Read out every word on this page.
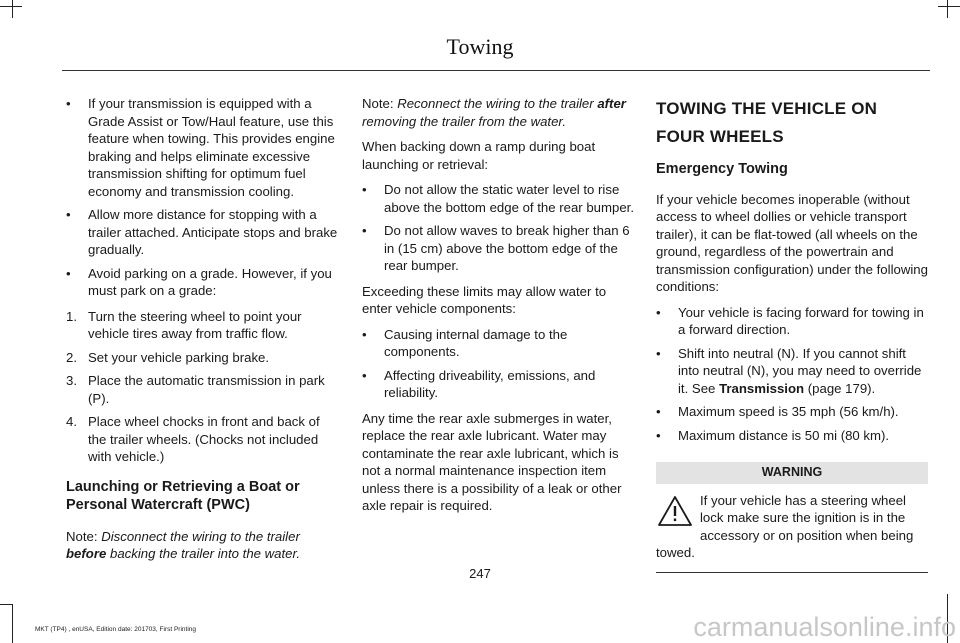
Towing
• If your transmission is equipped with a Grade Assist or Tow/Haul feature, use this feature when towing. This provides engine braking and helps eliminate excessive transmission shifting for optimum fuel economy and transmission cooling.
• Allow more distance for stopping with a trailer attached. Anticipate stops and brake gradually.
• Avoid parking on a grade. However, if you must park on a grade:
1. Turn the steering wheel to point your vehicle tires away from traffic flow.
2. Set your vehicle parking brake.
3. Place the automatic transmission in park (P).
4. Place wheel chocks in front and back of the trailer wheels. (Chocks not included with vehicle.)
Launching or Retrieving a Boat or Personal Watercraft (PWC)

Note: Disconnect the wiring to the trailer before backing the trailer into the water.

Note: Reconnect the wiring to the trailer after removing the trailer from the water.

When backing down a ramp during boat launching or retrieval:

• Do not allow the static water level to rise above the bottom edge of the rear bumper.
• Do not allow waves to break higher than 6 in (15 cm) above the bottom edge of the rear bumper.

Exceeding these limits may allow water to enter vehicle components:

• Causing internal damage to the components.
• Affecting driveability, emissions, and reliability.

Any time the rear axle submerges in water, replace the rear axle lubricant. Water may contaminate the rear axle lubricant, which is not a normal maintenance inspection item unless there is a possibility of a leak or other axle repair is required.

TOWING THE VEHICLE ON FOUR WHEELS
Emergency Towing

If your vehicle becomes inoperable (without access to wheel dollies or vehicle transport trailer), it can be flat-towed (all wheels on the ground, regardless of the powertrain and transmission configuration) under the following conditions:

• Your vehicle is facing forward for towing in a forward direction.
• Shift into neutral (N). If you cannot shift into neutral (N), you may need to override it. See Transmission (page 179).
• Maximum speed is 35 mph (56 km/h).
• Maximum distance is 50 mi (80 km).
WARNING
If your vehicle has a steering wheel lock make sure the ignition is in the accessory or on position when being towed.
247
MKT (TP4) , enUSA, Edition date: 201703, First Printing	carmanualsonline.info
